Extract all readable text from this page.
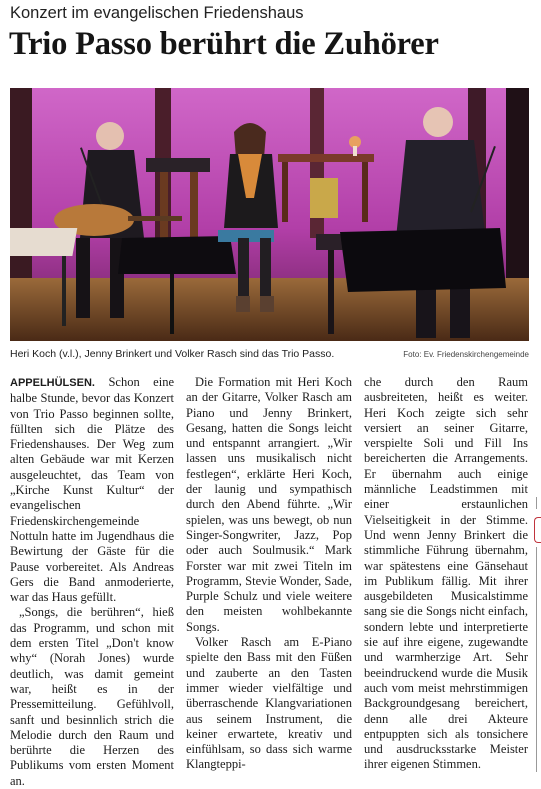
Konzert im evangelischen Friedenshaus
Trio Passo berührt die Zuhörer
Heri Koch (v.l.), Jenny Brinkert und Volker Rasch sind das Trio Passo.	Foto: Ev. Friedenskirchengemeinde

APPELHÜLSEN. Schon eine halbe Stunde, bevor das Konzert von Trio Passo beginnen sollte, füllten sich die Plätze des Friedenshauses. Der Weg zum alten Gebäude war mit Kerzen ausgeleuchtet, das Team von „Kirche Kunst Kultur“ der evangelischen Friedenskirchengemeinde Nottuln hatte im Jugendhaus die Bewirtung der Gäste für die Pause vorbereitet. Als Andreas Gers die Band anmoderierte, war das Haus gefüllt.

„Songs, die berühren“, hieß das Programm, und schon mit dem ersten Titel „Don't know why“ (Norah Jones) wurde deutlich, was damit gemeint war, heißt es in der Pressemitteilung. Gefühlvoll, sanft und besinnlich strich die Melodie durch den Raum und berührte die Herzen des Publikums vom ersten Moment an.

Die Formation mit Heri Koch an der Gitarre, Volker Rasch am Piano und Jenny Brinkert, Gesang, hatten die Songs leicht und entspannt arrangiert. „Wir lassen uns musikalisch nicht festlegen“, erklärte Heri Koch, der launig und sympathisch durch den Abend führte. „Wir spielen, was uns bewegt, ob nun Singer-Songwriter, Jazz, Pop oder auch Soulmusik.“ Mark Forster war mit zwei Titeln im Programm, Stevie Wonder, Sade, Purple Schulz und viele weitere den meisten wohlbekannte Songs.

Volker Rasch am E-Piano spielte den Bass mit den Füßen und zauberte an den Tasten immer wieder vielfältige und überraschende Klangvariationen aus seinem Instrument, die keiner erwartete, kreativ und einfühlsam, so dass sich warme Klangteppi-

che durch den Raum ausbreiteten, heißt es weiter. Heri Koch zeigte sich sehr versiert an seiner Gitarre, verspielte Soli und Fill Ins bereicherten die Arrangements. Er übernahm auch einige männliche Leadstimmen mit einer erstaunlichen Vielseitigkeit in der Stimme. Und wenn Jenny Brinkert die stimmliche Führung übernahm, war spätestens eine Gänsehaut im Publikum fällig. Mit ihrer ausgebildeten Musicalstimme sang sie die Songs nicht einfach, sondern lebte und interpretierte sie auf ihre eigene, zugewandte und warmherzige Art. Sehr beeindruckend wurde die Musik auch vom meist mehrstimmigen Backgroundgesang bereichert, denn alle drei Akteure entpuppten sich als tonsichere und ausdrucksstarke Meister ihrer eigenen Stimmen.
